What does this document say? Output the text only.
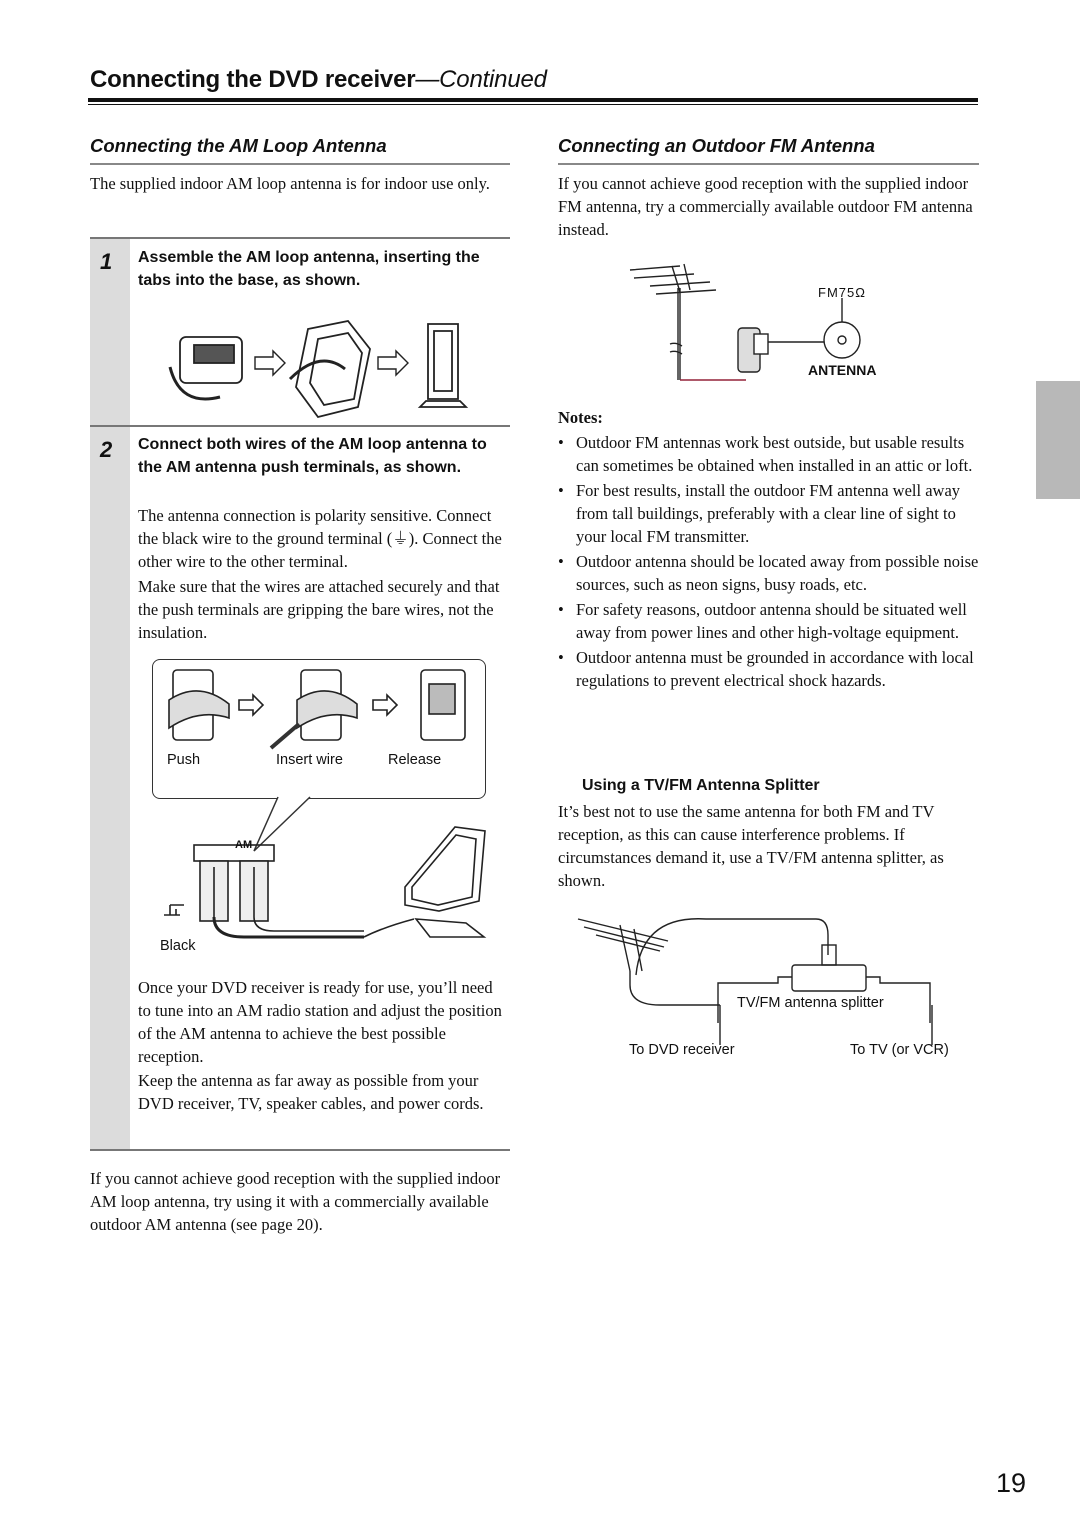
Connecting the DVD receiver—Continued
Connecting the AM Loop Antenna
The supplied indoor AM loop antenna is for indoor use only.
1 Assemble the AM loop antenna, inserting the tabs into the base, as shown.
2 Connect both wires of the AM loop antenna to the AM antenna push terminals, as shown.
The antenna connection is polarity sensitive. Connect the black wire to the ground terminal (⏚). Connect the other wire to the other terminal.
Make sure that the wires are attached securely and that the push terminals are gripping the bare wires, not the insulation.
Push	Insert wire	Release
AM
Black
Once your DVD receiver is ready for use, you’ll need to tune into an AM radio station and adjust the position of the AM antenna to achieve the best possible reception.
Keep the antenna as far away as possible from your DVD receiver, TV, speaker cables, and power cords.
If you cannot achieve good reception with the supplied indoor AM loop antenna, try using it with a commercially available outdoor AM antenna (see page 20).
Connecting an Outdoor FM Antenna
If you cannot achieve good reception with the supplied indoor FM antenna, try a commercially available outdoor FM antenna instead.
FM75Ω
ANTENNA
Notes:
• Outdoor FM antennas work best outside, but usable results can sometimes be obtained when installed in an attic or loft.
• For best results, install the outdoor FM antenna well away from tall buildings, preferably with a clear line of sight to your local FM transmitter.
• Outdoor antenna should be located away from possible noise sources, such as neon signs, busy roads, etc.
• For safety reasons, outdoor antenna should be situated well away from power lines and other high-voltage equipment.
• Outdoor antenna must be grounded in accordance with local regulations to prevent electrical shock hazards.
Using a TV/FM Antenna Splitter
It’s best not to use the same antenna for both FM and TV reception, as this can cause interference problems. If circumstances demand it, use a TV/FM antenna splitter, as shown.
TV/FM antenna splitter
To DVD receiver	To TV (or VCR)
19
